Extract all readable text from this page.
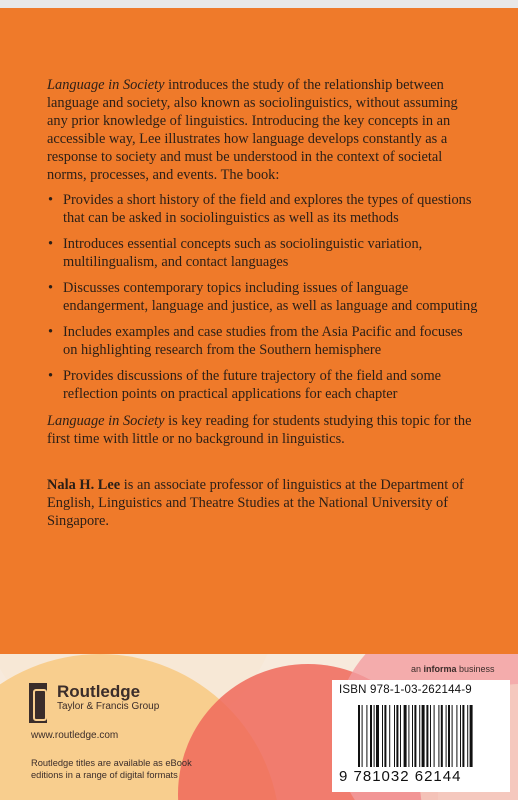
Language in Society introduces the study of the relationship between language and society, also known as sociolinguistics, without assuming any prior knowledge of linguistics. Introducing the key concepts in an accessible way, Lee illustrates how language develops constantly as a response to society and must be understood in the context of societal norms, processes, and events. The book:

• Provides a short history of the field and explores the types of questions that can be asked in sociolinguistics as well as its methods
• Introduces essential concepts such as sociolinguistic variation, multilingualism, and contact languages
• Discusses contemporary topics including issues of language endangerment, language and justice, as well as language and computing
• Includes examples and case studies from the Asia Pacific and focuses on highlighting research from the Southern hemisphere
• Provides discussions of the future trajectory of the field and some reflection points on practical applications for each chapter

Language in Society is key reading for students studying this topic for the first time with little or no background in linguistics.

Nala H. Lee is an associate professor of linguistics at the Department of English, Linguistics and Theatre Studies at the National University of Singapore.

Routledge
Taylor & Francis Group
www.routledge.com
Routledge titles are available as eBook editions in a range of digital formats
an informa business
ISBN 978-1-03-262144-9
9 781032 62144
